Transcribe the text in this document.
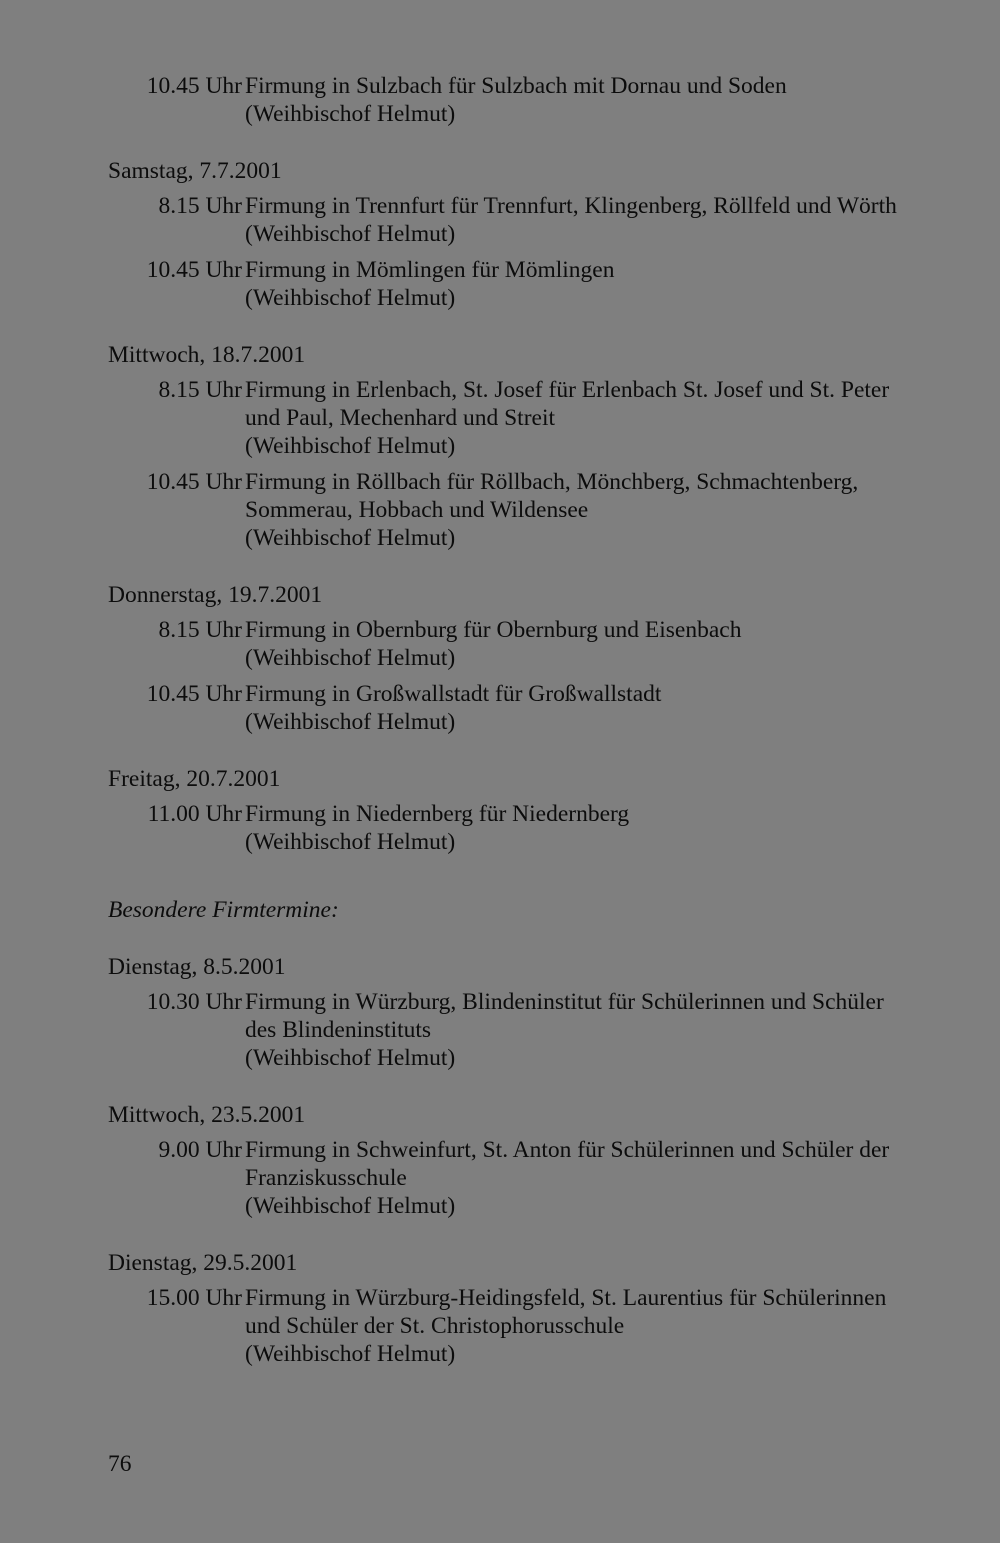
10.45 Uhr Firmung in Sulzbach für Sulzbach mit Dornau und Soden
(Weihbischof Helmut)
Samstag, 7.7.2001
8.15 Uhr Firmung in Trennfurt für Trennfurt, Klingenberg, Röllfeld und Wörth
(Weihbischof Helmut)
10.45 Uhr Firmung in Mömlingen für Mömlingen
(Weihbischof Helmut)
Mittwoch, 18.7.2001
8.15 Uhr Firmung in Erlenbach, St. Josef für Erlenbach St. Josef und St. Peter
und Paul, Mechenhard und Streit
(Weihbischof Helmut)
10.45 Uhr Firmung in Röllbach für Röllbach, Mönchberg, Schmachtenberg,
Sommerau, Hobbach und Wildensee
(Weihbischof Helmut)
Donnerstag, 19.7.2001
8.15 Uhr Firmung in Obernburg für Obernburg und Eisenbach
(Weihbischof Helmut)
10.45 Uhr Firmung in Großwallstadt für Großwallstadt
(Weihbischof Helmut)
Freitag, 20.7.2001
11.00 Uhr Firmung in Niedernberg für Niedernberg
(Weihbischof Helmut)
Besondere Firmtermine:
Dienstag, 8.5.2001
10.30 Uhr Firmung in Würzburg, Blindeninstitut für Schülerinnen und Schüler
des Blindeninstituts
(Weihbischof Helmut)
Mittwoch, 23.5.2001
9.00 Uhr Firmung in Schweinfurt, St. Anton für Schülerinnen und Schüler der
Franziskusschule
(Weihbischof Helmut)
Dienstag, 29.5.2001
15.00 Uhr Firmung in Würzburg-Heidingsfeld, St. Laurentius für Schülerinnen
und Schüler der St. Christophorusschule
(Weihbischof Helmut)
76
